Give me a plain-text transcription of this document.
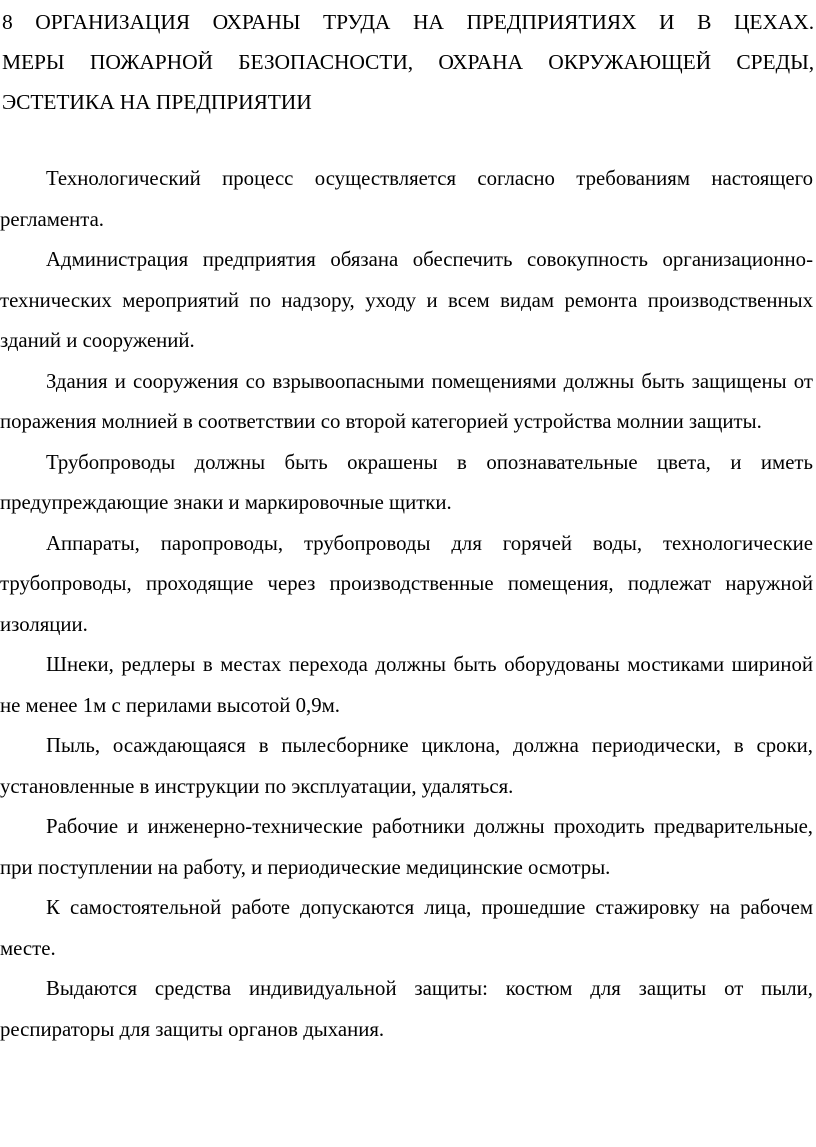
8 ОРГАНИЗАЦИЯ ОХРАНЫ ТРУДА НА ПРЕДПРИЯТИЯХ И В ЦЕХАХ.
МЕРЫ ПОЖАРНОЙ БЕЗОПАСНОСТИ, ОХРАНА ОКРУЖАЮЩЕЙ СРЕДЫ,
ЭСТЕТИКА НА ПРЕДПРИЯТИИ

Технологический процесс осуществляется согласно требованиям настоящего регламента.

Администрация предприятия обязана обеспечить совокупность организационно-технических мероприятий по надзору, уходу и всем видам ремонта производственных зданий и сооружений.

Здания и сооружения со взрывоопасными помещениями должны быть защищены от поражения молнией в соответствии со второй категорией устройства молнии защиты.

Трубопроводы должны быть окрашены в опознавательные цвета, и иметь предупреждающие знаки и маркировочные щитки.

Аппараты, паропроводы, трубопроводы для горячей воды, технологические трубопроводы, проходящие через производственные помещения, подлежат наружной изоляции.

Шнеки, редлеры в местах перехода должны быть оборудованы мостиками шириной не менее 1м с перилами высотой 0,9м.

Пыль, осаждающаяся в пылесборнике циклона, должна периодически, в сроки, установленные в инструкции по эксплуатации, удаляться.

Рабочие и инженерно-технические работники должны проходить предварительные, при поступлении на работу, и периодические медицинские осмотры.

К самостоятельной работе допускаются лица, прошедшие стажировку на рабочем месте.

Выдаются средства индивидуальной защиты: костюм для защиты от пыли, респираторы для защиты органов дыхания.
